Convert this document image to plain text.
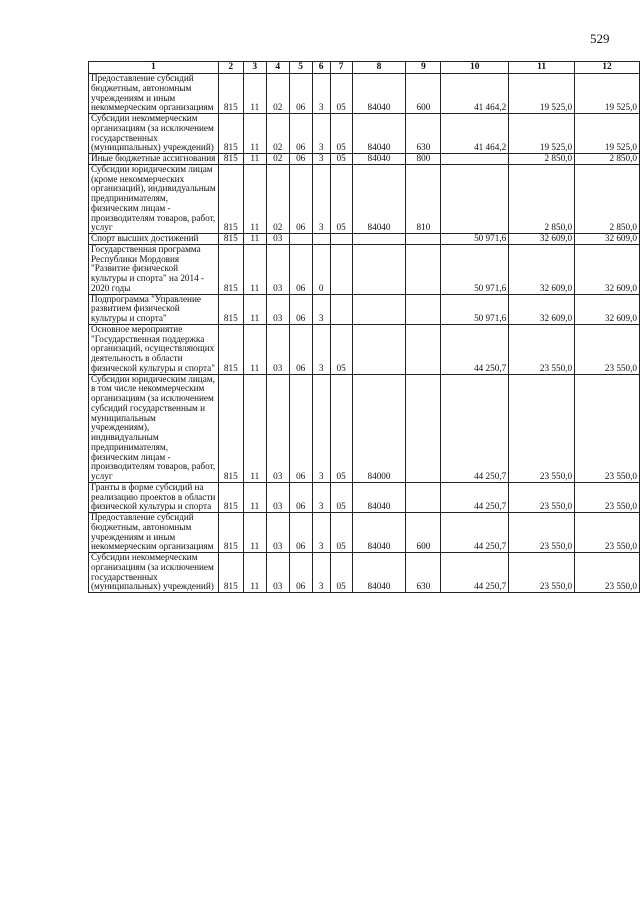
529
1	2	3	4	5	6	7	8	9	10	11	12
Предоставление субсидий бюджетным, автономным учреждениям и иным некоммерческим организациям	815	11	02	06	3	05	84040	600	41 464,2	19 525,0	19 525,0
Субсидии некоммерческим организациям (за исключением государственных (муниципальных) учреждений)	815	11	02	06	3	05	84040	630	41 464,2	19 525,0	19 525,0
Иные бюджетные ассигнования	815	11	02	06	3	05	84040	800		2 850,0	2 850,0
Субсидии юридическим лицам (кроме некоммерческих организаций), индивидуальным предпринимателям, физическим лицам - производителям товаров, работ, услуг	815	11	02	06	3	05	84040	810		2 850,0	2 850,0
Спорт высших достижений	815	11	03						50 971,6	32 609,0	32 609,0
Государственная программа Республики Мордовия "Развитие физической культуры и спорта" на 2014 - 2020 годы	815	11	03	06	0				50 971,6	32 609,0	32 609,0
Подпрограмма "Управление развитием физической культуры и спорта"	815	11	03	06	3				50 971,6	32 609,0	32 609,0
Основное мероприятие "Государственная поддержка организаций, осуществляющих деятельность в области физической культуры и спорта"	815	11	03	06	3	05			44 250,7	23 550,0	23 550,0
Субсидии юридическим лицам, в том числе некоммерческим организациям (за исключением субсидий государственным и муниципальным учреждениям), индивидуальным предпринимателям, физическим лицам - производителям товаров, работ, услуг	815	11	03	06	3	05	84000		44 250,7	23 550,0	23 550,0
Гранты в форме субсидий на реализацию проектов в области физической культуры и спорта	815	11	03	06	3	05	84040		44 250,7	23 550,0	23 550,0
Предоставление субсидий бюджетным, автономным учреждениям и иным некоммерческим организациям	815	11	03	06	3	05	84040	600	44 250,7	23 550,0	23 550,0
Субсидии некоммерческим организациям (за исключением государственных (муниципальных) учреждений)	815	11	03	06	3	05	84040	630	44 250,7	23 550,0	23 550,0
